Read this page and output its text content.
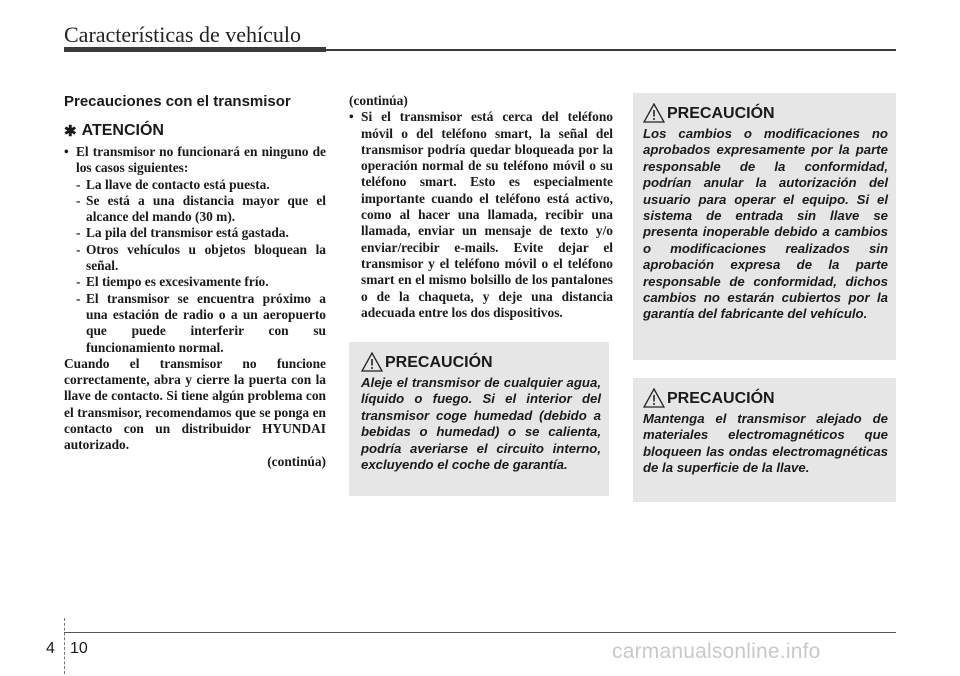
Características de vehículo
Precauciones con el transmisor
✱ ATENCIÓN
• El transmisor no funcionará en ninguno de los casos siguientes:
- La llave de contacto está puesta.
- Se está a una distancia mayor que el alcance del mando (30 m).
- La pila del transmisor está gastada.
- Otros vehículos u objetos bloquean la señal.
- El tiempo es excesivamente frío.
- El transmisor se encuentra próximo a una estación de radio o a un aeropuerto que puede interferir con su funcionamiento normal.
Cuando el transmisor no funcione correctamente, abra y cierre la puerta con la llave de contacto. Si tiene algún problema con el transmisor, recomendamos que se ponga en contacto con un distribuidor HYUNDAI autorizado.
(continúa)
(continúa)
• Si el transmisor está cerca del teléfono móvil o del teléfono smart, la señal del transmisor podría quedar bloqueada por la operación normal de su teléfono móvil o su teléfono smart. Esto es especialmente importante cuando el teléfono está activo, como al hacer una llamada, recibir una llamada, enviar un mensaje de texto y/o enviar/recibir e-mails. Evite dejar el transmisor y el teléfono móvil o el teléfono smart en el mismo bolsillo de los pantalones o de la chaqueta, y deje una distancia adecuada entre los dos dispositivos.
PRECAUCIÓN
Aleje el transmisor de cualquier agua, líquido o fuego. Si el interior del transmisor coge humedad (debido a bebidas o humedad) o se calienta, podría averiarse el circuito interno, excluyendo el coche de garantía.
PRECAUCIÓN
Los cambios o modificaciones no aprobados expresamente por la parte responsable de la conformidad, podrían anular la autorización del usuario para operar el equipo. Si el sistema de entrada sin llave se presenta inoperable debido a cambios o modificaciones realizados sin aprobación expresa de la parte responsable de conformidad, dichos cambios no estarán cubiertos por la garantía del fabricante del vehículo.
PRECAUCIÓN
Mantenga el transmisor alejado de materiales electromagnéticos que bloqueen las ondas electromagnéticas de la superficie de la llave.
4 10	carmanualsonline.info
